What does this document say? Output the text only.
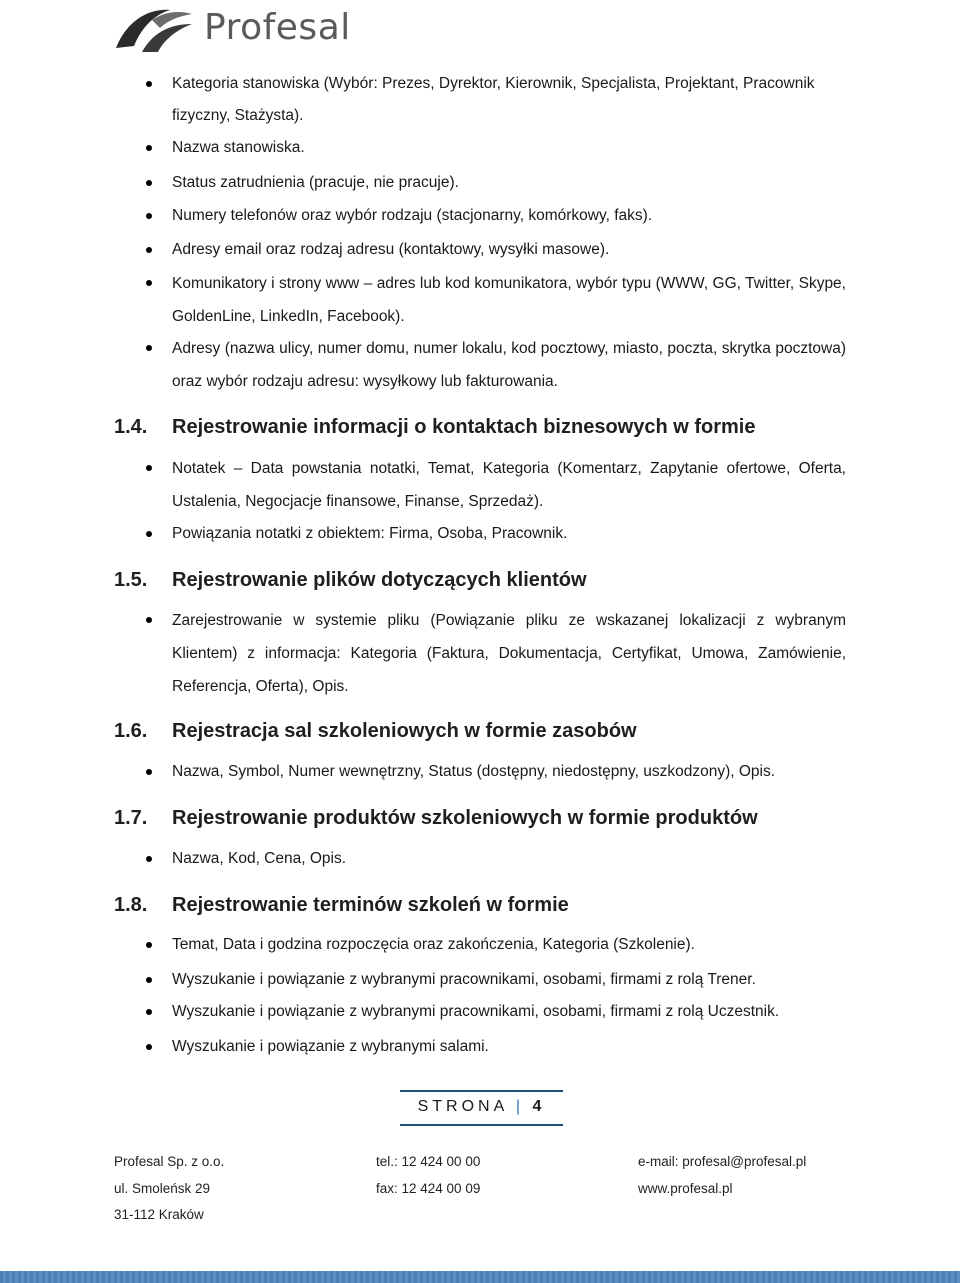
Profesal
Kategoria stanowiska (Wybór: Prezes, Dyrektor, Kierownik, Specjalista, Projektant, Pracownik fizyczny, Stażysta).
Nazwa stanowiska.
Status zatrudnienia (pracuje, nie pracuje).
Numery telefonów oraz wybór rodzaju (stacjonarny, komórkowy, faks).
Adresy email oraz rodzaj adresu (kontaktowy, wysyłki masowe).
Komunikatory i strony www – adres lub kod komunikatora, wybór typu (WWW, GG, Twitter, Skype, GoldenLine, LinkedIn, Facebook).
Adresy (nazwa ulicy, numer domu, numer lokalu, kod pocztowy, miasto, poczta, skrytka pocztowa) oraz wybór rodzaju adresu: wysyłkowy lub fakturowania.
1.4. Rejestrowanie informacji o kontaktach biznesowych w formie
Notatek – Data powstania notatki, Temat, Kategoria (Komentarz, Zapytanie ofertowe, Oferta, Ustalenia, Negocjacje finansowe, Finanse, Sprzedaż).
Powiązania notatki z obiektem: Firma, Osoba, Pracownik.
1.5. Rejestrowanie plików dotyczących klientów
Zarejestrowanie w systemie pliku (Powiązanie pliku ze wskazanej lokalizacji z wybranym Klientem) z informacja: Kategoria (Faktura, Dokumentacja, Certyfikat, Umowa, Zamówienie, Referencja, Oferta), Opis.
1.6. Rejestracja sal szkoleniowych w formie zasobów
Nazwa, Symbol, Numer wewnętrzny, Status (dostępny, niedostępny, uszkodzony), Opis.
1.7. Rejestrowanie produktów szkoleniowych w formie produktów
Nazwa, Kod, Cena, Opis.
1.8. Rejestrowanie terminów szkoleń w formie
Temat, Data i godzina rozpoczęcia oraz zakończenia, Kategoria (Szkolenie).
Wyszukanie i powiązanie z wybranymi pracownikami, osobami, firmami z rolą Trener.
Wyszukanie i powiązanie z wybranymi pracownikami, osobami, firmami z rolą Uczestnik.
Wyszukanie i powiązanie z wybranymi salami.
STRONA | 4
Profesal Sp. z o.o.
ul. Smoleńsk 29
31-112 Kraków
tel.: 12 424 00 00
fax: 12 424 00 09
e-mail: profesal@profesal.pl
www.profesal.pl
